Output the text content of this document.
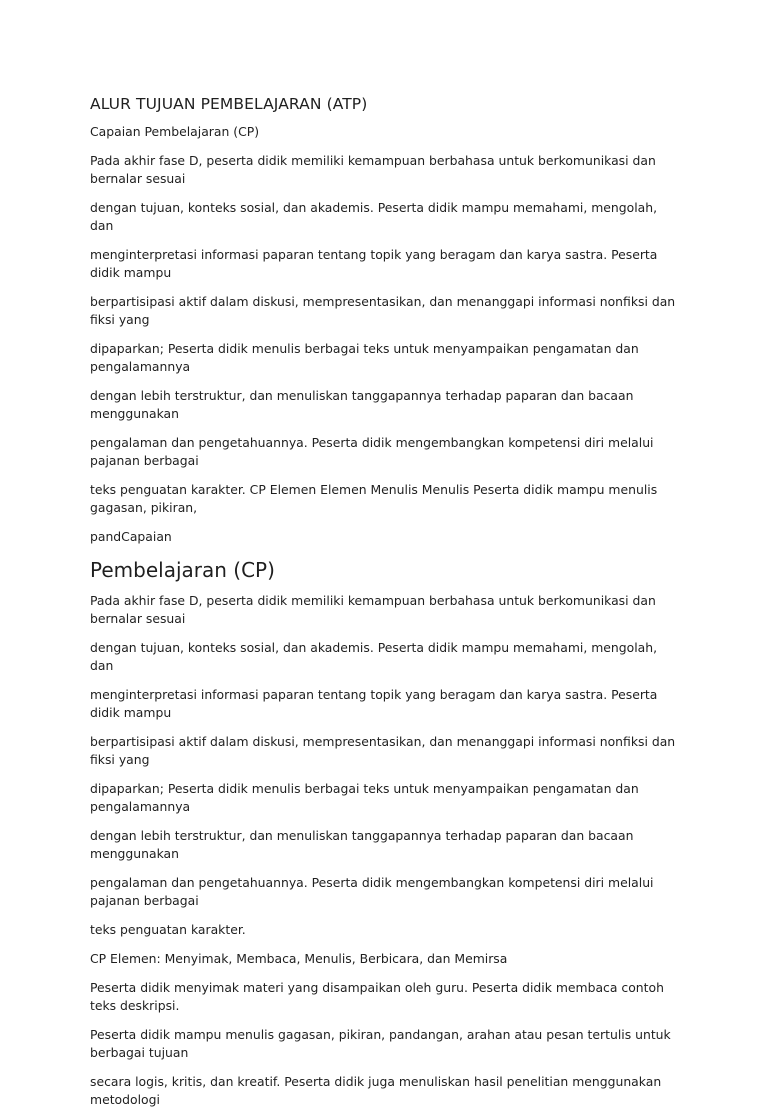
ALUR TUJUAN PEMBELAJARAN (ATP)
Capaian Pembelajaran (CP)
Pada akhir fase D, peserta didik memiliki kemampuan berbahasa untuk berkomunikasi dan bernalar sesuai
dengan tujuan, konteks sosial, dan akademis. Peserta didik mampu memahami, mengolah, dan
menginterpretasi informasi paparan tentang topik yang beragam dan karya sastra. Peserta didik mampu
berpartisipasi aktif dalam diskusi, mempresentasikan, dan menanggapi informasi nonfiksi dan fiksi yang
dipaparkan; Peserta didik menulis berbagai teks untuk menyampaikan pengamatan dan pengalamannya
dengan lebih terstruktur, dan menuliskan tanggapannya terhadap paparan dan bacaan menggunakan
pengalaman dan pengetahuannya. Peserta didik mengembangkan kompetensi diri melalui pajanan berbagai
teks penguatan karakter. CP Elemen Elemen Menulis Menulis Peserta didik mampu menulis gagasan, pikiran,
pandCapaian
Pembelajaran (CP)
Pada akhir fase D, peserta didik memiliki kemampuan berbahasa untuk berkomunikasi dan bernalar sesuai
dengan tujuan, konteks sosial, dan akademis. Peserta didik mampu memahami, mengolah, dan
menginterpretasi informasi paparan tentang topik yang beragam dan karya sastra. Peserta didik mampu
berpartisipasi aktif dalam diskusi, mempresentasikan, dan menanggapi informasi nonfiksi dan fiksi yang
dipaparkan; Peserta didik menulis berbagai teks untuk menyampaikan pengamatan dan pengalamannya
dengan lebih terstruktur, dan menuliskan tanggapannya terhadap paparan dan bacaan menggunakan
pengalaman dan pengetahuannya. Peserta didik mengembangkan kompetensi diri melalui pajanan berbagai
teks penguatan karakter.
CP Elemen: Menyimak, Membaca, Menulis, Berbicara, dan Memirsa
Peserta didik menyimak materi yang disampaikan oleh guru. Peserta didik membaca contoh teks deskripsi.
Peserta didik mampu menulis gagasan, pikiran, pandangan, arahan atau pesan tertulis untuk berbagai tujuan
secara logis, kritis, dan kreatif. Peserta didik juga menuliskan hasil penelitian menggunakan metodologi
